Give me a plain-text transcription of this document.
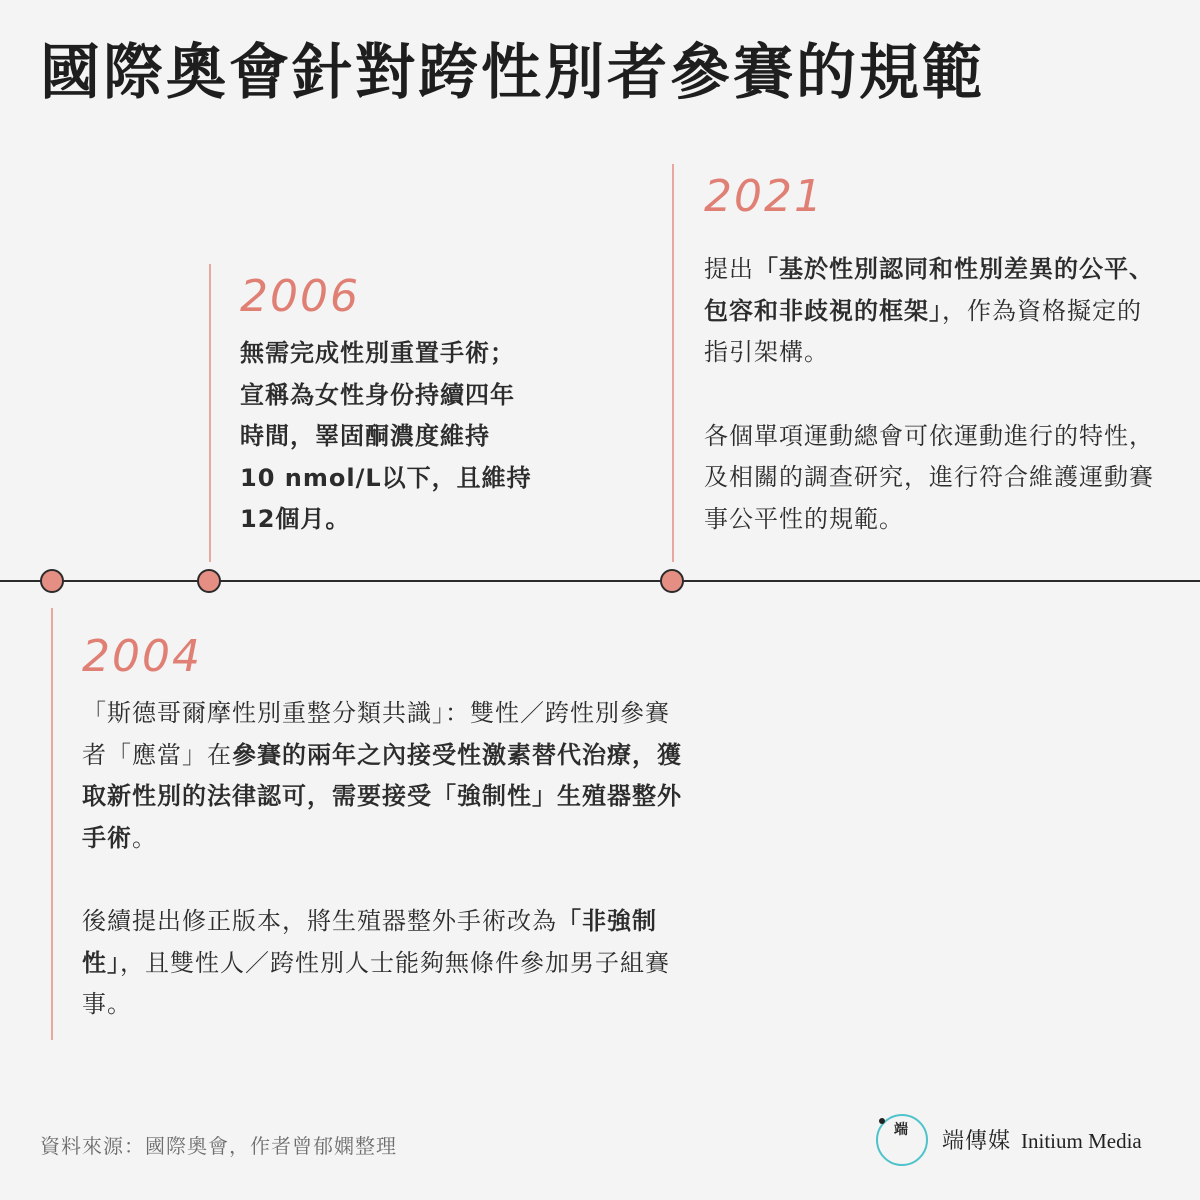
國際奧會針對跨性別者參賽的規範
2006

無需完成性別重置手術；

宣稱為女性身份持續四年

時間，睪固酮濃度維持

10 nmol/L以下，且維持

12個月。

2021

提出「基於性別認同和性別差異的公平、包容和非歧視的框架」，作為資格擬定的指引架構。

各個單項運動總會可依運動進行的特性，及相關的調查研究，進行符合維護運動賽事公平性的規範。

2004

「斯德哥爾摩性別重整分類共識」：雙性／跨性別參賽者「應當」在參賽的兩年之內接受性激素替代治療，獲取新性別的法律認可，需要接受「強制性」生殖器整外手術。

後續提出修正版本，將生殖器整外手術改為「非強制性」，且雙性人／跨性別人士能夠無條件參加男子組賽事。

資料來源：國際奧會，作者曾郁嫻整理
端	端傳媒 Initium Media
